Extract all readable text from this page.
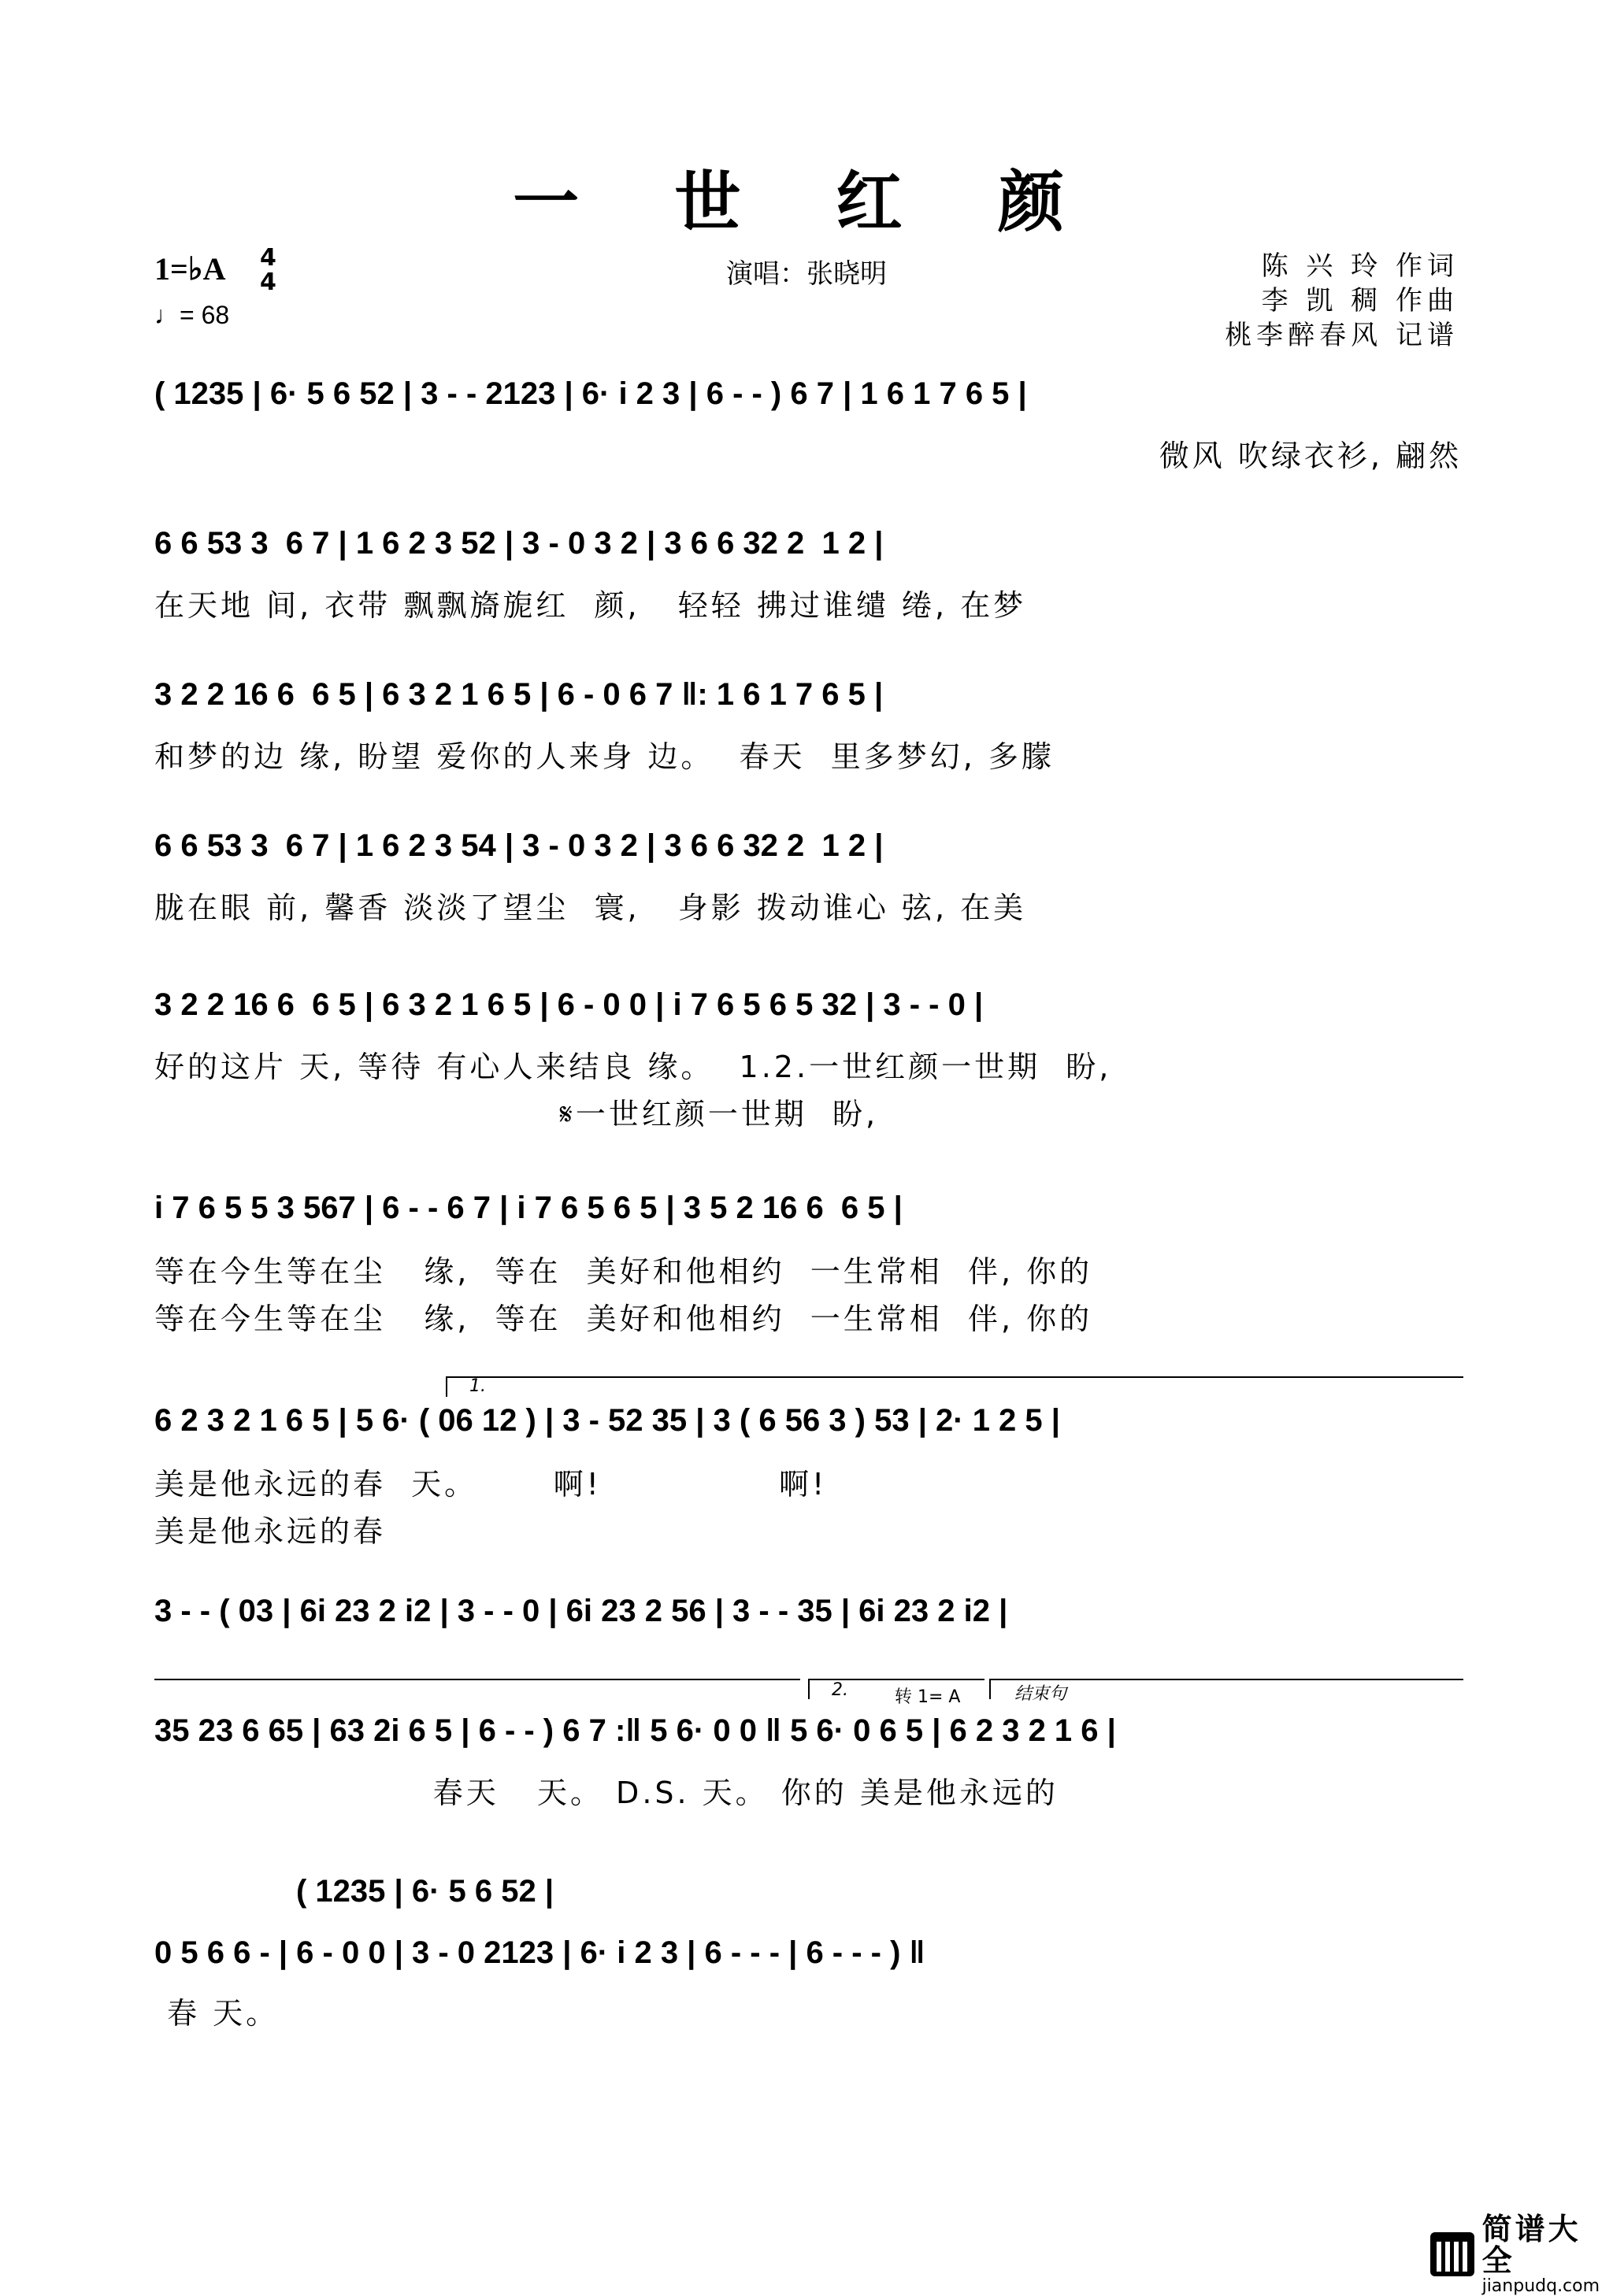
一 世 红 颜
1=♭A 4
4
♩= 68
演唱：张晓明	陈 兴 玲 作词
李 凯 稠 作曲
桃李醉春风 记谱
( 1235 | 6· 5 6 52 | 3 - - 2123 | 6· i 2 3 | 6 - - ) 6 7 | 1 6 1 7 6 5 |
微风 吹绿衣衫, 翩然
6 6 53 3  6 7 | 1 6 2 3 52 | 3 - 0 3 2 | 3 6 6 32 2  1 2 |
在天地 间, 衣带 飘飘旖旎红  颜,   轻轻 拂过谁缱 绻, 在梦
3 2 2 16 6  6 5 | 6 3 2 1 6 5 | 6 - 0 6 7 ‖: 1 6 1 7 6 5 |
和梦的边 缘, 盼望 爱你的人来身 边。  春天  里多梦幻, 多朦
6 6 53 3  6 7 | 1 6 2 3 54 | 3 - 0 3 2 | 3 6 6 32 2  1 2 |
胧在眼 前, 馨香 淡淡了望尘  寰,   身影 拨动谁心 弦, 在美
3 2 2 16 6  6 5 | 6 3 2 1 6 5 | 6 - 0 0 | i 7 6 5 6 5 32 | 3 - - 0 |
好的这片 天, 等待 有心人来结良 缘。  1.2.一世红颜一世期  盼,
𝄋一世红颜一世期  盼,
i 7 6 5 5 3 567 | 6 - - 6 7 | i 7 6 5 6 5 | 3 5 2 16 6  6 5 |
等在今生等在尘   缘,  等在  美好和他相约  一生常相  伴, 你的
等在今生等在尘   缘,  等在  美好和他相约  一生常相  伴, 你的
1.
6 2 3 2 1 6 5 | 5 6· ( 06 12 ) | 3 - 52 35 | 3 ( 6 56 3 ) 53 | 2· 1 2 5 |
美是他永远的春  天。      啊!              啊!
美是他永远的春
3 - - ( 03 | 6i 23 2 i2 | 3 - - 0 | 6i 23 2 56 | 3 - - 35 | 6i 23 2 i2 |
2.	转 1= A	结束句
35 23 6 65 | 63 2i 6 5 | 6 - - ) 6 7 :‖ 5 6· 0 0 ‖ 5 6· 0 6 5 | 6 2 3 2 1 6 |
春天   天。 D.S. 天。 你的 美是他永远的
( 1235 | 6· 5 6 52 |
0 5 6 6 - | 6 - 0 0 | 3 - 0 2123 | 6· i 2 3 | 6 - - - | 6 - - - ) ‖
春 天。
简谱大全
jianpudq.com
